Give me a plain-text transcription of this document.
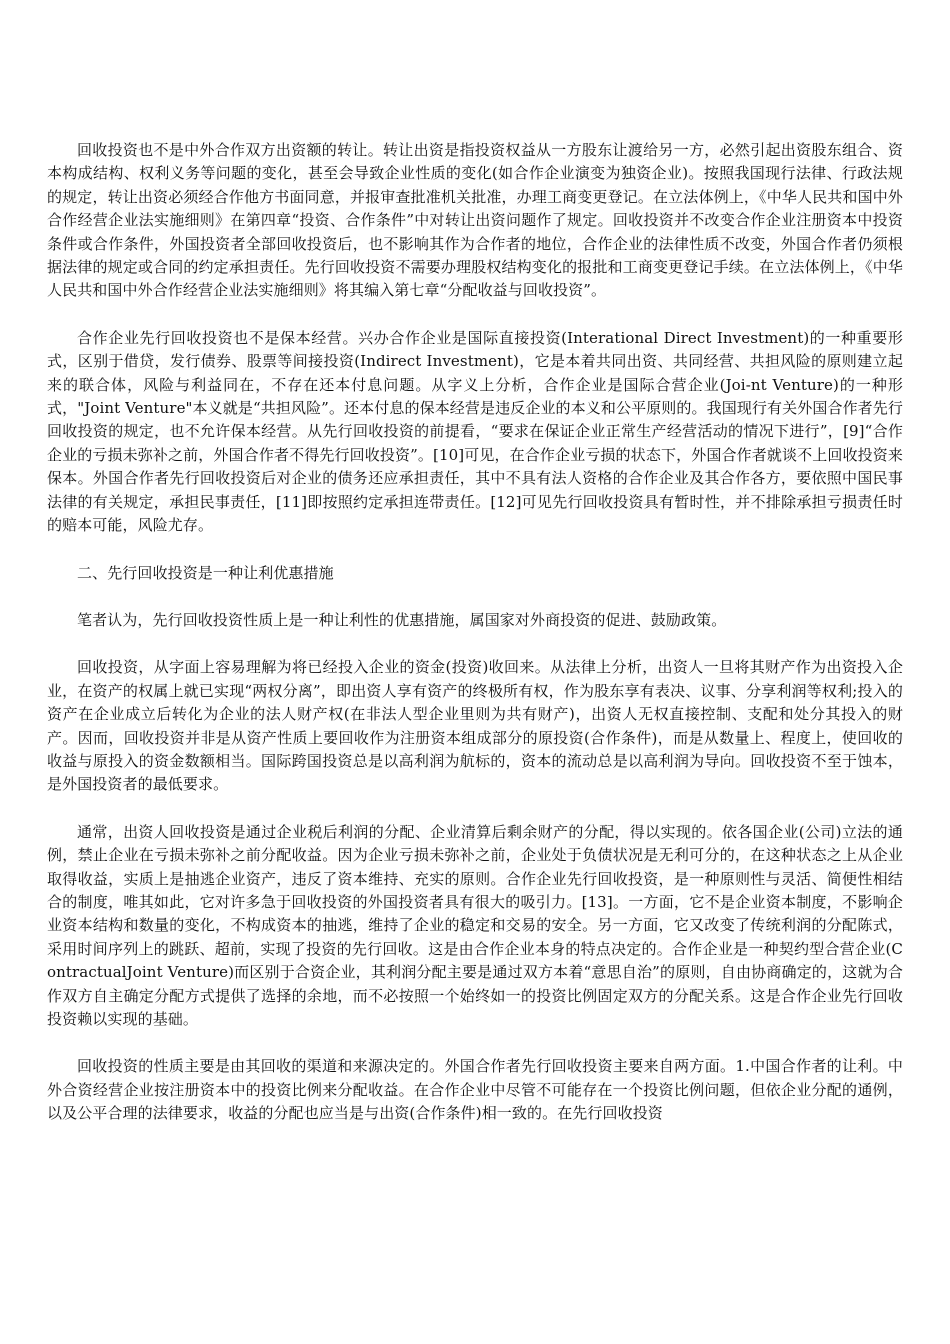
回收投资也不是中外合作双方出资额的转让。转让出资是指投资权益从一方股东让渡给另一方，必然引起出资股东组合、资本构成结构、权利义务等问题的变化，甚至会导致企业性质的变化(如合作企业演变为独资企业)。按照我国现行法律、行政法规的规定，转让出资必须经合作他方书面同意，并报审查批准机关批准，办理工商变更登记。在立法体例上，《中华人民共和国中外合作经营企业法实施细则》在第四章“投资、合作条件”中对转让出资问题作了规定。回收投资并不改变合作企业注册资本中投资条件或合作条件，外国投资者全部回收投资后，也不影响其作为合作者的地位，合作企业的法律性质不改变，外国合作者仍须根据法律的规定或合同的约定承担责任。先行回收投资不需要办理股权结构变化的报批和工商变更登记手续。在立法体例上，《中华人民共和国中外合作经营企业法实施细则》将其编入第七章“分配收益与回收投资”。

合作企业先行回收投资也不是保本经营。兴办合作企业是国际直接投资(Interational Direct Investment)的一种重要形式，区别于借贷，发行债券、股票等间接投资(Indirect Investment)，它是本着共同出资、共同经营、共担风险的原则建立起来的联合体，风险与利益同在，不存在还本付息问题。从字义上分析，合作企业是国际合营企业(Joi-nt Venture)的一种形式，"Joint Venture"本义就是“共担风险”。还本付息的保本经营是违反企业的本义和公平原则的。我国现行有关外国合作者先行回收投资的规定，也不允许保本经营。从先行回收投资的前提看，“要求在保证企业正常生产经营活动的情况下进行”，[9]“合作企业的亏损未弥补之前，外国合作者不得先行回收投资”。[10]可见，在合作企业亏损的状态下，外国合作者就谈不上回收投资来保本。外国合作者先行回收投资后对企业的债务还应承担责任，其中不具有法人资格的合作企业及其合作各方，要依照中国民事法律的有关规定，承担民事责任，[11]即按照约定承担连带责任。[12]可见先行回收投资具有暂时性，并不排除承担亏损责任时的赔本可能，风险尤存。

二、先行回收投资是一种让利优惠措施

笔者认为，先行回收投资性质上是一种让利性的优惠措施，属国家对外商投资的促进、鼓励政策。

回收投资，从字面上容易理解为将已经投入企业的资金(投资)收回来。从法律上分析，出资人一旦将其财产作为出资投入企业，在资产的权属上就已实现“两权分离”，即出资人享有资产的终极所有权，作为股东享有表决、议事、分享利润等权利;投入的资产在企业成立后转化为企业的法人财产权(在非法人型企业里则为共有财产)，出资人无权直接控制、支配和处分其投入的财产。因而，回收投资并非是从资产性质上要回收作为注册资本组成部分的原投资(合作条件)，而是从数量上、程度上，使回收的收益与原投入的资金数额相当。国际跨国投资总是以高利润为航标的，资本的流动总是以高利润为导向。回收投资不至于蚀本，是外国投资者的最低要求。

通常，出资人回收投资是通过企业税后利润的分配、企业清算后剩余财产的分配，得以实现的。依各国企业(公司)立法的通例，禁止企业在亏损未弥补之前分配收益。因为企业亏损未弥补之前，企业处于负债状况是无利可分的，在这种状态之上从企业取得收益，实质上是抽逃企业资产，违反了资本维持、充实的原则。合作企业先行回收投资，是一种原则性与灵活、简便性相结合的制度，唯其如此，它对许多急于回收投资的外国投资者具有很大的吸引力。[13]。一方面，它不是企业资本制度，不影响企业资本结构和数量的变化，不构成资本的抽逃，维持了企业的稳定和交易的安全。另一方面，它又改变了传统利润的分配陈式，采用时间序列上的跳跃、超前，实现了投资的先行回收。这是由合作企业本身的特点决定的。合作企业是一种契约型合营企业(ContractualJoint Venture)而区别于合资企业，其利润分配主要是通过双方本着“意思自治”的原则，自由协商确定的，这就为合作双方自主确定分配方式提供了选择的余地，而不必按照一个始终如一的投资比例固定双方的分配关系。这是合作企业先行回收投资赖以实现的基础。

回收投资的性质主要是由其回收的渠道和来源决定的。外国合作者先行回收投资主要来自两方面。1.中国合作者的让利。中外合资经营企业按注册资本中的投资比例来分配收益。在合作企业中尽管不可能存在一个投资比例问题，但依企业分配的通例，以及公平合理的法律要求，收益的分配也应当是与出资(合作条件)相一致的。在先行回收投资
